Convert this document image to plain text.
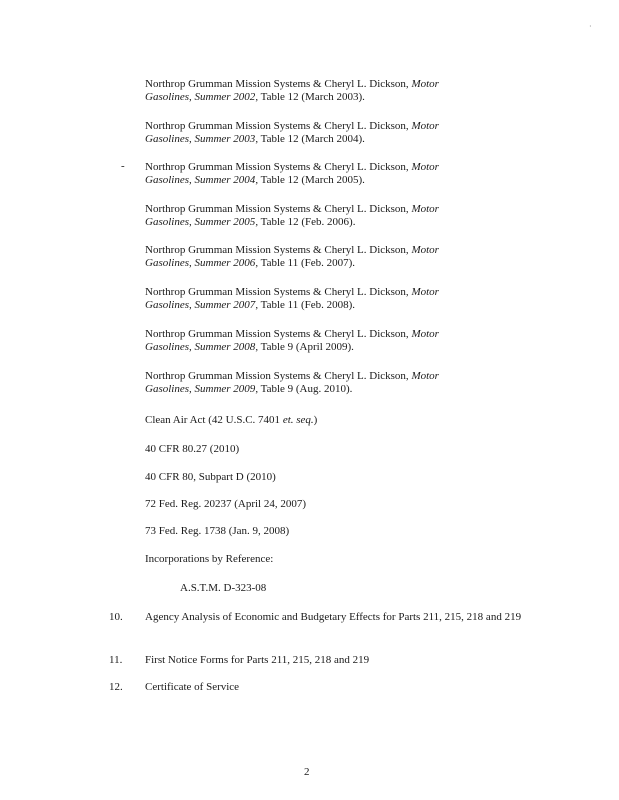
·
Northrop Grumman Mission Systems & Cheryl L. Dickson, Motor
Gasolines, Summer 2002, Table 12 (March 2003).
Northrop Grumman Mission Systems & Cheryl L. Dickson, Motor
Gasolines, Summer 2003, Table 12 (March 2004).
- Northrop Grumman Mission Systems & Cheryl L. Dickson, Motor
Gasolines, Summer 2004, Table 12 (March 2005).
Northrop Grumman Mission Systems & Cheryl L. Dickson, Motor
Gasolines, Summer 2005, Table 12 (Feb. 2006).
Northrop Grumman Mission Systems & Cheryl L. Dickson, Motor
Gasolines, Summer 2006, Table 11 (Feb. 2007).
Northrop Grumman Mission Systems & Cheryl L. Dickson, Motor
Gasolines, Summer 2007, Table 11 (Feb. 2008).
Northrop Grumman Mission Systems & Cheryl L. Dickson, Motor
Gasolines, Summer 2008, Table 9 (April 2009).
Northrop Grumman Mission Systems & Cheryl L. Dickson, Motor
Gasolines, Summer 2009, Table 9 (Aug. 2010).
Clean Air Act (42 U.S.C. 7401 et. seq.)
40 CFR 80.27 (2010)
40 CFR 80, Subpart D (2010)
72 Fed. Reg. 20237 (April 24, 2007)
73 Fed. Reg. 1738 (Jan. 9, 2008)
Incorporations by Reference:
A.S.T.M. D-323-08
10. Agency Analysis of Economic and Budgetary Effects for Parts 211, 215, 218 and 219
11. First Notice Forms for Parts 211, 215, 218 and 219
12. Certificate of Service
2
